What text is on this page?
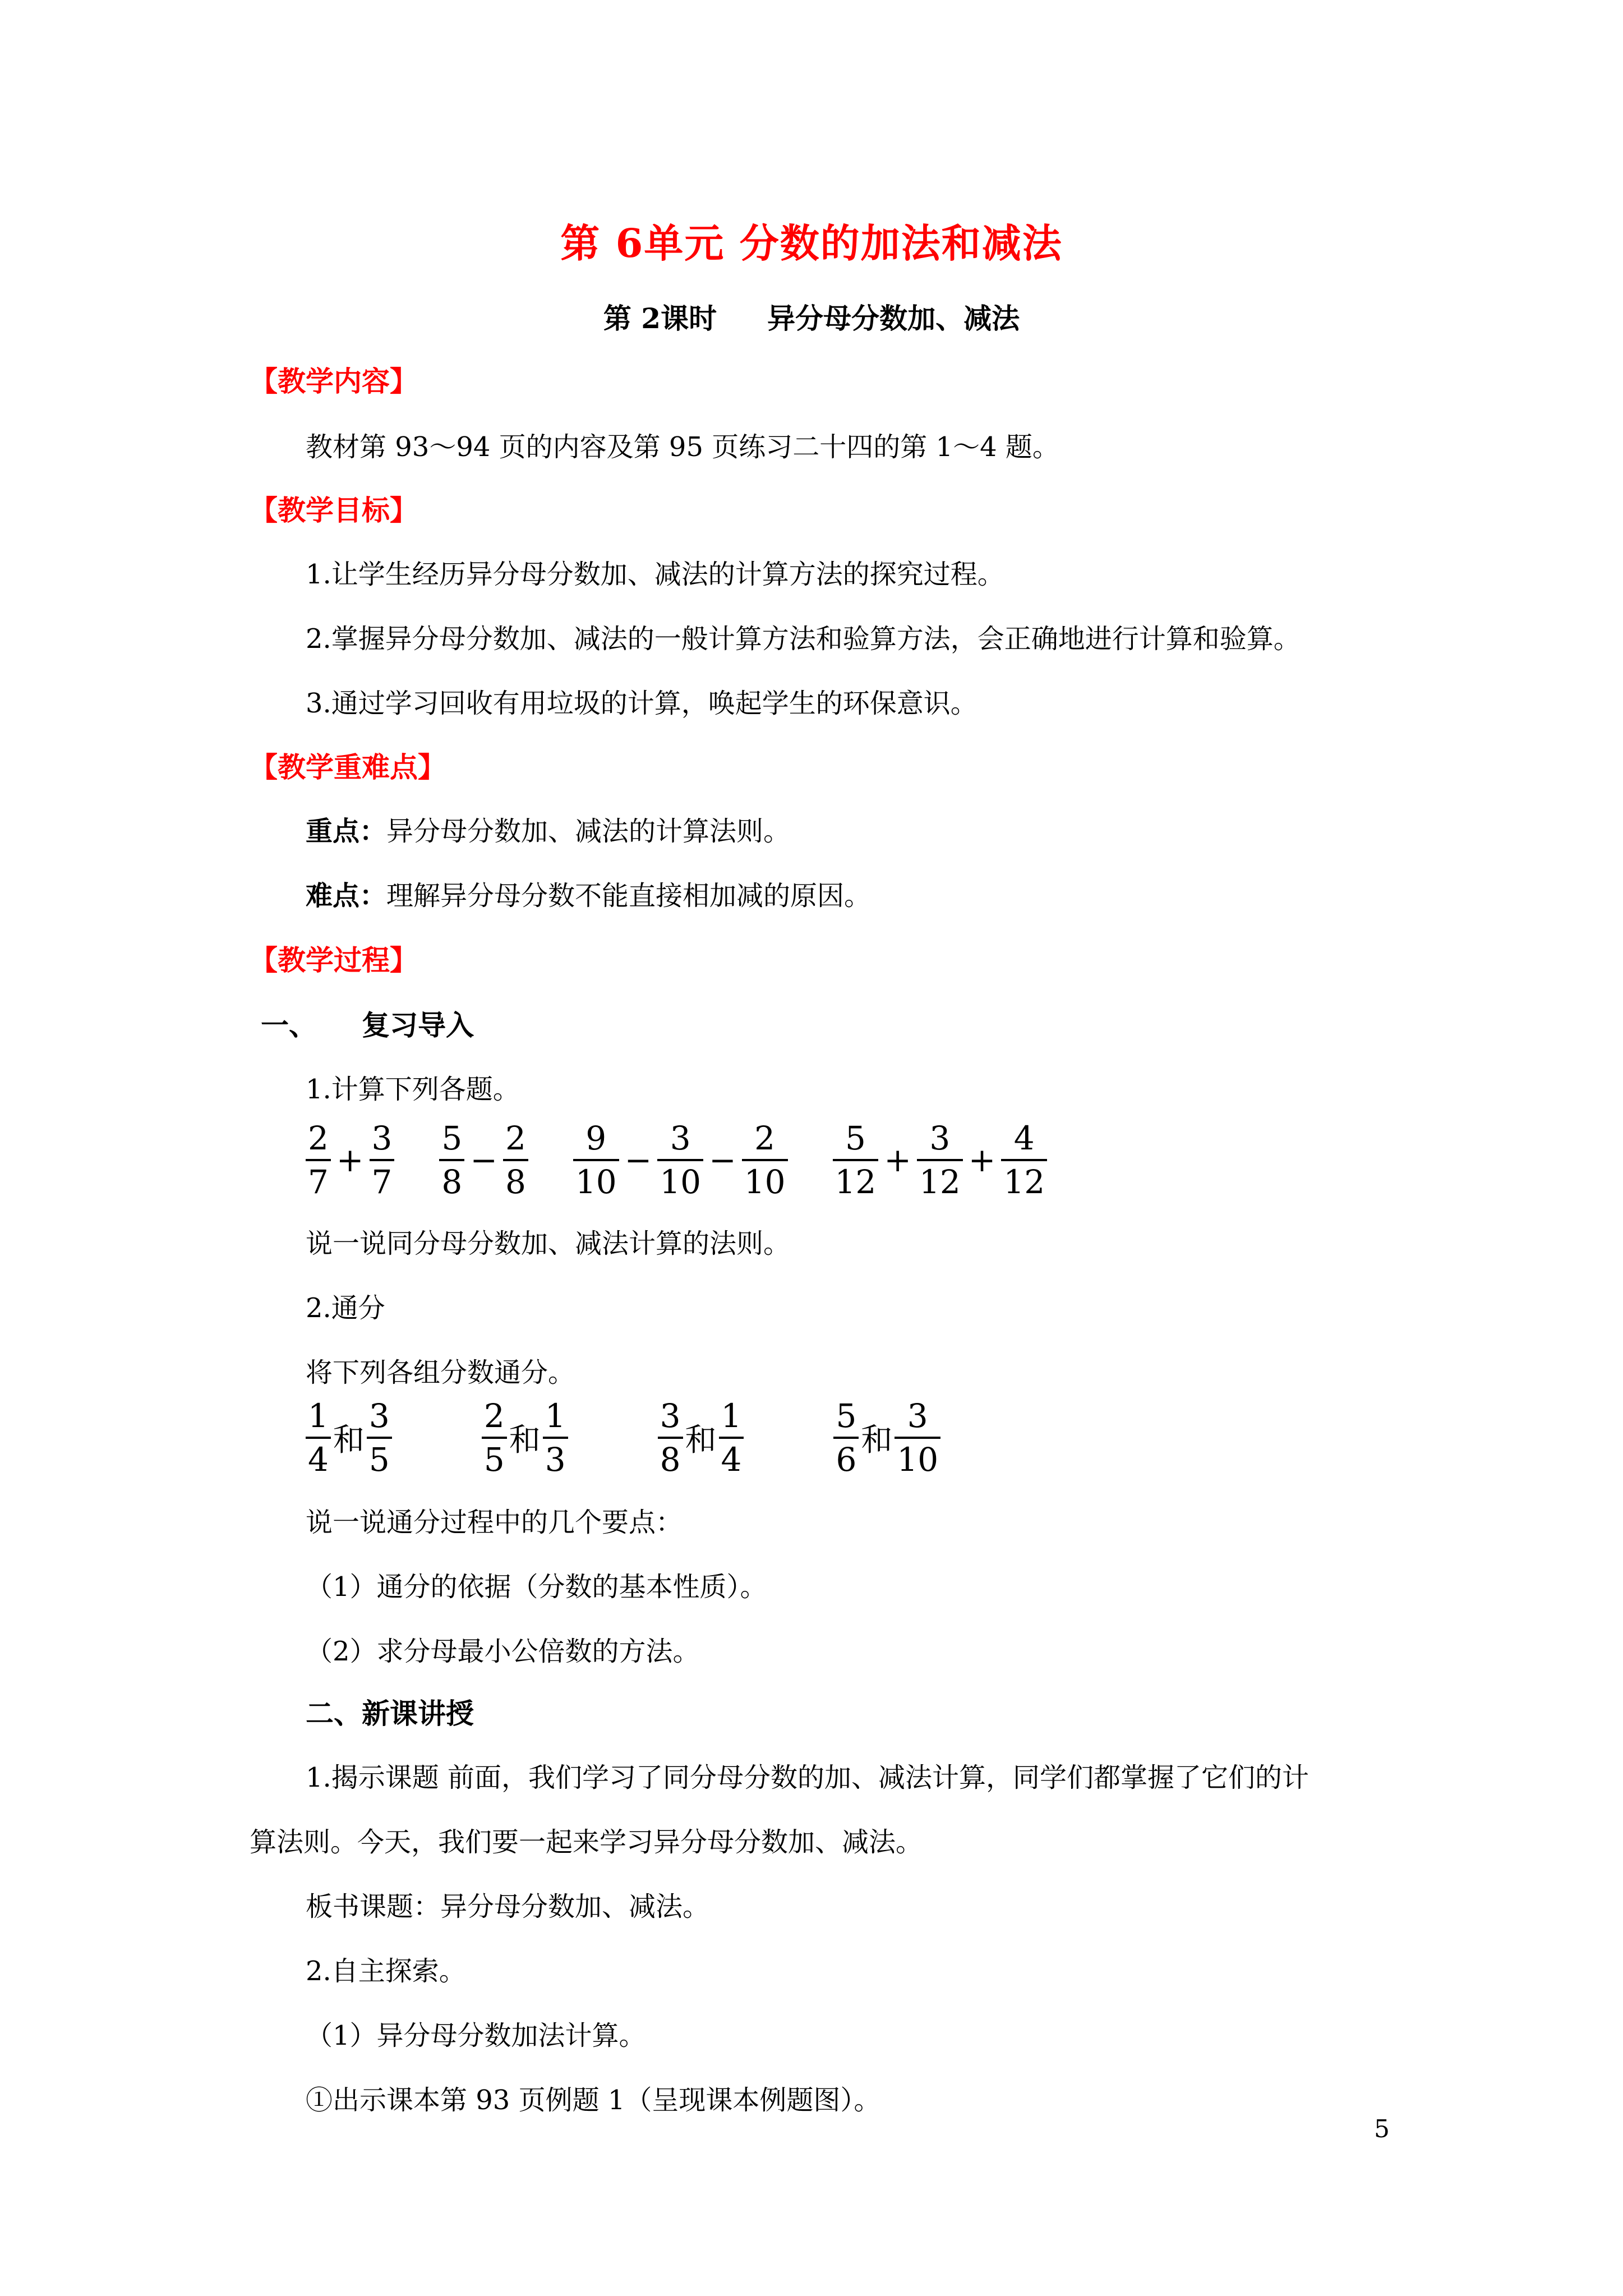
第 6单元 分数的加法和减法
第 2课时 异分母分数加、减法
【教学内容】
教材第 93～94 页的内容及第 95 页练习二十四的第 1～4 题。
【教学目标】
1.让学生经历异分母分数加、减法的计算方法的探究过程。
2.掌握异分母分数加、减法的一般计算方法和验算方法，会正确地进行计算和验算。
3.通过学习回收有用垃圾的计算，唤起学生的环保意识。
【教学重难点】
重点：异分母分数加、减法的计算法则。
难点：理解异分母分数不能直接相加减的原因。
【教学过程】
一、 复习导入
1.计算下列各题。
$\frac{2}{7} + \frac{3}{7} \frac{5}{8} - \frac{2}{8} \frac{9}{10} - \frac{3}{10} - \frac{2}{10} \frac{5}{12} + \frac{3}{12} + \frac{4}{12}$
说一说同分母分数加、减法计算的法则。
2.通分
将下列各组分数通分。
$\frac{1}{4}$ 和 $\frac{3}{5}$	$\frac{2}{5}$ 和 $\frac{1}{3}$	$\frac{3}{8}$ 和 $\frac{1}{4}$	$\frac{5}{6}$ 和 $\frac{3}{10}$
说一说通分过程中的几个要点：
（1）通分的依据（分数的基本性质）。
（2）求分母最小公倍数的方法。
二、新课讲授
1.揭示课题 前面，我们学习了同分母分数的加、减法计算，同学们都掌握了它们的计
算法则。今天，我们要一起来学习异分母分数加、减法。
板书课题：异分母分数加、减法。
2.自主探索。
（1）异分母分数加法计算。
①出示课本第 93 页例题 1（呈现课本例题图）。
5
